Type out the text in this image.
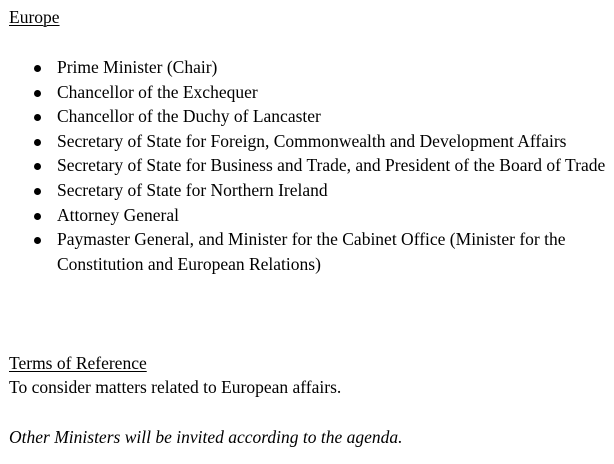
Europe
Prime Minister (Chair)
Chancellor of the Exchequer
Chancellor of the Duchy of Lancaster
Secretary of State for Foreign, Commonwealth and Development Affairs
Secretary of State for Business and Trade, and President of the Board of Trade
Secretary of State for Northern Ireland
Attorney General
Paymaster General, and Minister for the Cabinet Office (Minister for the Constitution and European Relations)
Terms of Reference
To consider matters related to European affairs.
Other Ministers will be invited according to the agenda.
